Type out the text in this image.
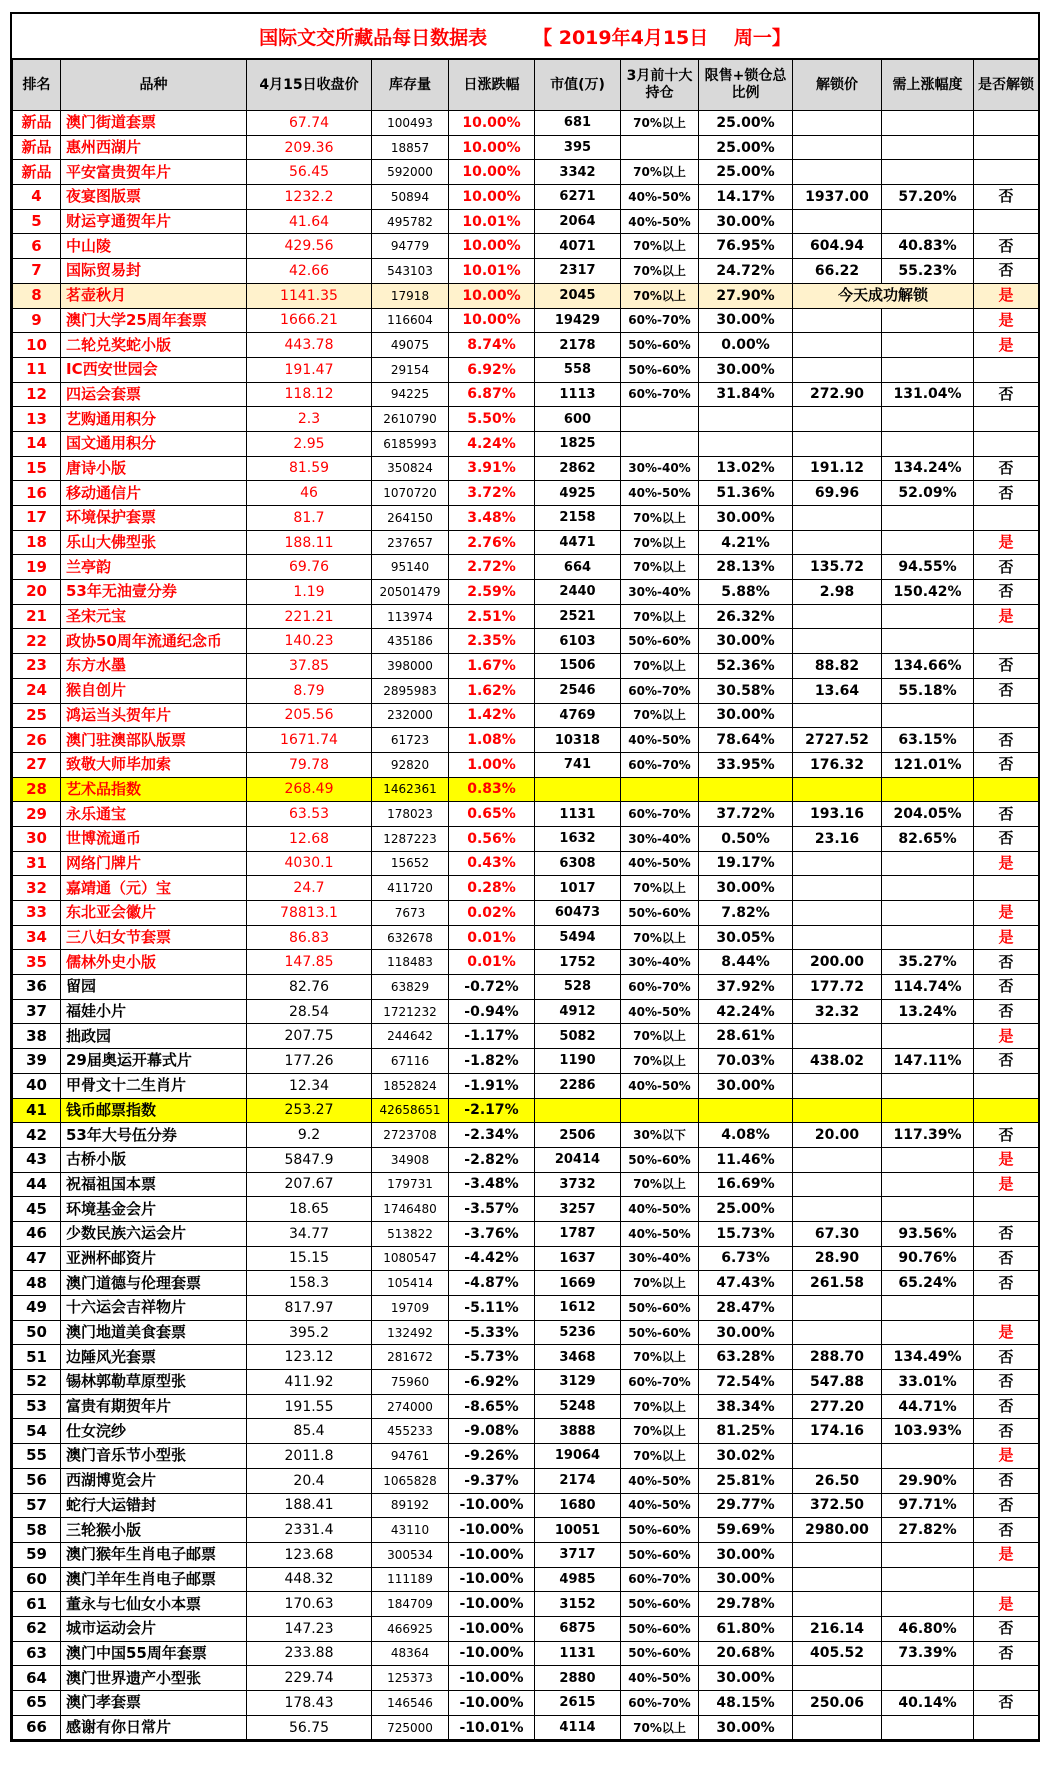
国际文交所藏品每日数据表 【 2019年4月15日　 周一】
排名	品种	4月15日收盘价	库存量	日涨跌幅	市值(万)	3月前十大持仓	限售+锁仓总比例	解锁价	需上涨幅度	是否解锁
新品	澳门街道套票	67.74	100493	10.00%	681	70%以上	25.00%			
新品	惠州西湖片	209.36	18857	10.00%	395		25.00%			
新品	平安富贵贺年片	56.45	592000	10.00%	3342	70%以上	25.00%			
4	夜宴图版票	1232.2	50894	10.00%	6271	40%-50%	14.17%	1937.00	57.20%	否
5	财运亨通贺年片	41.64	495782	10.01%	2064	40%-50%	30.00%			
6	中山陵	429.56	94779	10.00%	4071	70%以上	76.95%	604.94	40.83%	否
7	国际贸易封	42.66	543103	10.01%	2317	70%以上	24.72%	66.22	55.23%	否
8	茗壶秋月	1141.35	17918	10.00%	2045	70%以上	27.90%	今天成功解锁		是
9	澳门大学25周年套票	1666.21	116604	10.00%	19429	60%-70%	30.00%			是
10	二轮兑奖蛇小版	443.78	49075	8.74%	2178	50%-60%	0.00%			是
11	IC西安世园会	191.47	29154	6.92%	558	50%-60%	30.00%			
12	四运会套票	118.12	94225	6.87%	1113	60%-70%	31.84%	272.90	131.04%	否
13	艺购通用积分	2.3	2610790	5.50%	600					
14	国文通用积分	2.95	6185993	4.24%	1825					
15	唐诗小版	81.59	350824	3.91%	2862	30%-40%	13.02%	191.12	134.24%	否
16	移动通信片	46	1070720	3.72%	4925	40%-50%	51.36%	69.96	52.09%	否
17	环境保护套票	81.7	264150	3.48%	2158	70%以上	30.00%			
18	乐山大佛型张	188.11	237657	2.76%	4471	70%以上	4.21%			是
19	兰亭韵	69.76	95140	2.72%	664	70%以上	28.13%	135.72	94.55%	否
20	53年无油壹分券	1.19	20501479	2.59%	2440	30%-40%	5.88%	2.98	150.42%	否
21	圣宋元宝	221.21	113974	2.51%	2521	70%以上	26.32%			是
22	政协50周年流通纪念币	140.23	435186	2.35%	6103	50%-60%	30.00%			
23	东方水墨	37.85	398000	1.67%	1506	70%以上	52.36%	88.82	134.66%	否
24	猴自创片	8.79	2895983	1.62%	2546	60%-70%	30.58%	13.64	55.18%	否
25	鸿运当头贺年片	205.56	232000	1.42%	4769	70%以上	30.00%			
26	澳门驻澳部队版票	1671.74	61723	1.08%	10318	40%-50%	78.64%	2727.52	63.15%	否
27	致敬大师毕加索	79.78	92820	1.00%	741	60%-70%	33.95%	176.32	121.01%	否
28	艺术品指数	268.49	1462361	0.83%						
29	永乐通宝	63.53	178023	0.65%	1131	60%-70%	37.72%	193.16	204.05%	否
30	世博流通币	12.68	1287223	0.56%	1632	30%-40%	0.50%	23.16	82.65%	否
31	网络门牌片	4030.1	15652	0.43%	6308	40%-50%	19.17%			是
32	嘉靖通（元）宝	24.7	411720	0.28%	1017	70%以上	30.00%			
33	东北亚会徽片	78813.1	7673	0.02%	60473	50%-60%	7.82%			是
34	三八妇女节套票	86.83	632678	0.01%	5494	70%以上	30.05%			是
35	儒林外史小版	147.85	118483	0.01%	1752	30%-40%	8.44%	200.00	35.27%	否
36	留园	82.76	63829	-0.72%	528	60%-70%	37.92%	177.72	114.74%	否
37	福娃小片	28.54	1721232	-0.94%	4912	40%-50%	42.24%	32.32	13.24%	否
38	拙政园	207.75	244642	-1.17%	5082	70%以上	28.61%			是
39	29届奥运开幕式片	177.26	67116	-1.82%	1190	70%以上	70.03%	438.02	147.11%	否
40	甲骨文十二生肖片	12.34	1852824	-1.91%	2286	40%-50%	30.00%			
41	钱币邮票指数	253.27	42658651	-2.17%						
42	53年大号伍分券	9.2	2723708	-2.34%	2506	30%以下	4.08%	20.00	117.39%	否
43	古桥小版	5847.9	34908	-2.82%	20414	50%-60%	11.46%			是
44	祝福祖国本票	207.67	179731	-3.48%	3732	70%以上	16.69%			是
45	环境基金会片	18.65	1746480	-3.57%	3257	40%-50%	25.00%			
46	少数民族六运会片	34.77	513822	-3.76%	1787	40%-50%	15.73%	67.30	93.56%	否
47	亚洲杯邮资片	15.15	1080547	-4.42%	1637	30%-40%	6.73%	28.90	90.76%	否
48	澳门道德与伦理套票	158.3	105414	-4.87%	1669	70%以上	47.43%	261.58	65.24%	否
49	十六运会吉祥物片	817.97	19709	-5.11%	1612	50%-60%	28.47%			
50	澳门地道美食套票	395.2	132492	-5.33%	5236	50%-60%	30.00%			是
51	边陲风光套票	123.12	281672	-5.73%	3468	70%以上	63.28%	288.70	134.49%	否
52	锡林郭勒草原型张	411.92	75960	-6.92%	3129	60%-70%	72.54%	547.88	33.01%	否
53	富贵有期贺年片	191.55	274000	-8.65%	5248	70%以上	38.34%	277.20	44.71%	否
54	仕女浣纱	85.4	455233	-9.08%	3888	70%以上	81.25%	174.16	103.93%	否
55	澳门音乐节小型张	2011.8	94761	-9.26%	19064	70%以上	30.02%			是
56	西湖博览会片	20.4	1065828	-9.37%	2174	40%-50%	25.81%	26.50	29.90%	否
57	蛇行大运错封	188.41	89192	-10.00%	1680	40%-50%	29.77%	372.50	97.71%	否
58	三轮猴小版	2331.4	43110	-10.00%	10051	50%-60%	59.69%	2980.00	27.82%	否
59	澳门猴年生肖电子邮票	123.68	300534	-10.00%	3717	50%-60%	30.00%			是
60	澳门羊年生肖电子邮票	448.32	111189	-10.00%	4985	60%-70%	30.00%			
61	董永与七仙女小本票	170.63	184709	-10.00%	3152	50%-60%	29.78%			是
62	城市运动会片	147.23	466925	-10.00%	6875	50%-60%	61.80%	216.14	46.80%	否
63	澳门中国55周年套票	233.88	48364	-10.00%	1131	50%-60%	20.68%	405.52	73.39%	否
64	澳门世界遗产小型张	229.74	125373	-10.00%	2880	40%-50%	30.00%			
65	澳门孝套票	178.43	146546	-10.00%	2615	60%-70%	48.15%	250.06	40.14%	否
66	感谢有你日常片	56.75	725000	-10.01%	4114	70%以上	30.00%			
